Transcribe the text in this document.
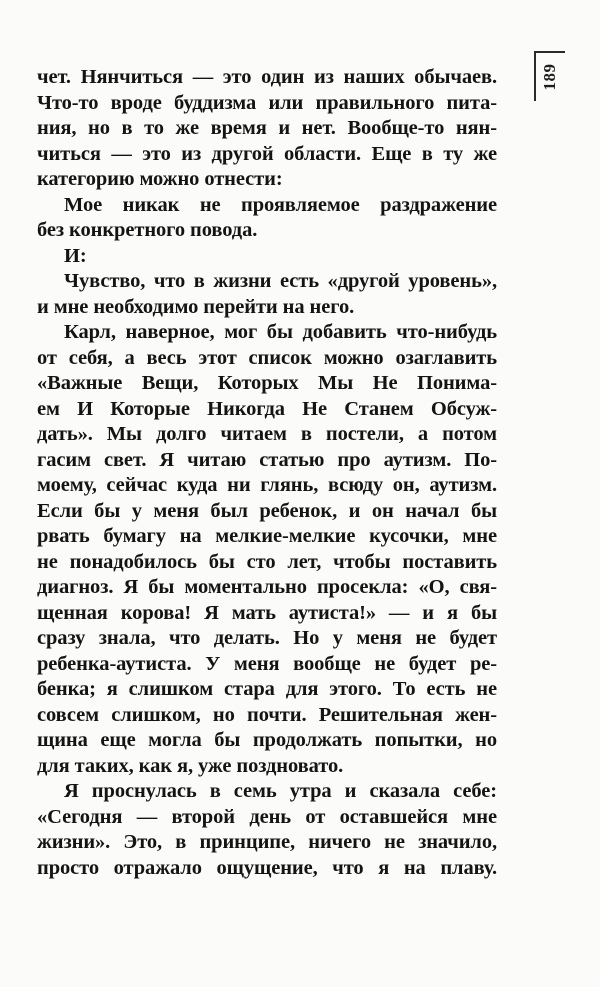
чет. Нянчиться — это один из наших обычаев.
Что-то вроде буддизма или правильного пита-
ния, но в то же время и нет. Вообще-то нян-
читься — это из другой области. Еще в ту же
категорию можно отнести:
Мое никак не проявляемое раздражение
без конкретного повода.
И:
Чувство, что в жизни есть «другой уровень»,
и мне необходимо перейти на него.
Карл, наверное, мог бы добавить что-нибудь
от себя, а весь этот список можно озаглавить
«Важные Вещи, Которых Мы Не Понима-
ем И Которые Никогда Не Станем Обсуж-
дать». Мы долго читаем в постели, а потом
гасим свет. Я читаю статью про аутизм. По-
моему, сейчас куда ни глянь, всюду он, аутизм.
Если бы у меня был ребенок, и он начал бы
рвать бумагу на мелкие-мелкие кусочки, мне
не понадобилось бы сто лет, чтобы поставить
диагноз. Я бы моментально просекла: «О, свя-
щенная корова! Я мать аутиста!» — и я бы
сразу знала, что делать. Но у меня не будет
ребенка-аутиста. У меня вообще не будет ре-
бенка; я слишком стара для этого. То есть не
совсем слишком, но почти. Решительная жен-
щина еще могла бы продолжать попытки, но
для таких, как я, уже поздновато.
Я проснулась в семь утра и сказала себе:
«Сегодня — второй день от оставшейся мне
жизни». Это, в принципе, ничего не значило,
просто отражало ощущение, что я на плаву.
189
